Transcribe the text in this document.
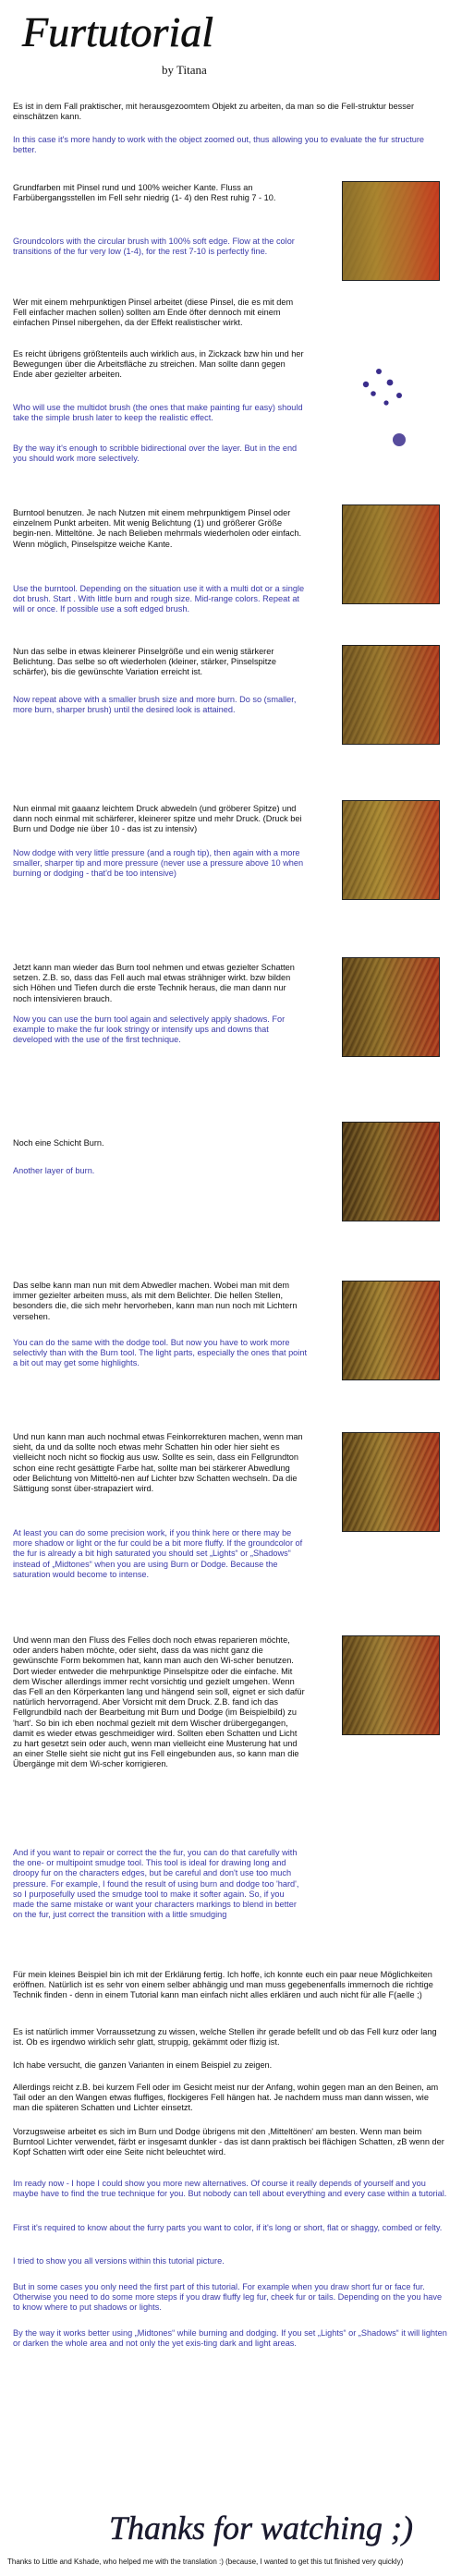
Furtutorial
by Titana

Es ist in dem Fall praktischer, mit herausgezoomtem Objekt zu arbeiten, da man so die Fell-struktur besser einschätzen kann.

In this case it's more handy to work with the object zoomed out, thus allowing you to evaluate the fur structure better.

Grundfarben mit Pinsel rund und 100% weicher Kante. Fluss an Farbübergangsstellen im Fell sehr niedrig (1- 4) den Rest ruhig 7 - 10.

Groundcolors with the circular brush with 100% soft edge. Flow at the color transitions of the fur very low (1-4), for the rest 7-10 is perfectly fine.

Wer mit einem mehrpunktigen Pinsel arbeitet (diese Pinsel, die es mit dem Fell einfacher machen sollen) sollten am Ende öfter dennoch mit einem einfachen Pinsel nibergehen, da der Effekt realistischer wirkt.

Es reicht übrigens größtenteils auch wirklich aus, in Zickzack bzw hin und her Bewegungen über die Arbeitsfläche zu streichen. Man sollte dann gegen Ende aber gezielter arbeiten.

Who will use the multidot brush (the ones that make painting fur easy) should take the simple brush later to keep the realistic effect.

By the way it's enough to scribble bidirectional over the layer. But in the end you should work more selectively.

Burntool benutzen. Je nach Nutzen mit einem mehrpunktigem Pinsel oder einzelnem Punkt arbeiten. Mit wenig Belichtung (1) und größerer Größe begin-nen. Mitteltöne. Je nach Belieben mehrmals wiederholen oder einfach. Wenn möglich, Pinselspitze weiche Kante.

Use the burntool. Depending on the situation use it with a multi dot or a single dot brush. Start . With little burn and rough size. Mid-range colors. Repeat at will or once. If possible use a soft edged brush.

Nun das selbe in etwas kleinerer Pinselgröße und ein wenig stärkerer Belichtung. Das selbe so oft wiederholen (kleiner, stärker, Pinselspitze schärfer), bis die gewünschte Variation erreicht ist.

Now repeat above with a smaller brush size and more burn. Do so (smaller, more burn, sharper brush) until the desired look is attained.

Nun einmal mit gaaanz leichtem Druck abwedeln (und gröberer Spitze) und dann noch einmal mit schärferer, kleinerer spitze und mehr Druck. (Druck bei Burn und Dodge nie über 10 - das ist zu intensiv)

Now dodge with very little pressure (and a rough tip), then again with a more smaller, sharper tip and more pressure (never use a pressure above 10 when burning or dodging - that'd be too intensive)

Jetzt kann man wieder das Burn tool nehmen und etwas gezielter Schatten setzen. Z.B. so, dass das Fell auch mal etwas strähniger wirkt. bzw bilden sich Höhen und Tiefen durch die erste Technik heraus, die man dann nur noch intensivieren brauch.

Now you can use the burn tool again and selectively apply shadows. For example to make the fur look stringy or intensify ups and downs that developed with the use of the first technique.

Noch eine Schicht Burn.

Another layer of burn.

Das selbe kann man nun mit dem Abwedler machen. Wobei man mit dem immer gezielter arbeiten muss, als mit dem Belichter. Die hellen Stellen, besonders die, die sich mehr hervorheben, kann man nun noch mit Lichtern versehen.

You can do the same with the dodge tool. But now you have to work more selectivly than with the Burn tool. The light parts, especially the ones that point a bit out may get some highlights.

Und nun kann man auch nochmal etwas Feinkorrekturen machen, wenn man sieht, da und da sollte noch etwas mehr Schatten hin oder hier sieht es vielleicht noch nicht so flockig aus usw. Sollte es sein, dass ein Fellgrundton schon eine recht gesättigte Farbe hat, sollte man bei stärkerer Abwedlung oder Belichtung von Mitteltö-nen auf Lichter bzw Schatten wechseln. Da die Sättigung sonst über-strapaziert wird.

At least you can do some precision work, if you think here or there may be more shadow or light or the fur could be a bit more fluffy. If the groundcolor of the fur is already a bit high saturated you should set „Lights“ or „Shadows“ instead of „Midtones“ when you are using Burn or Dodge. Because the saturation would become to intense.

Und wenn man den Fluss des Felles doch noch etwas reparieren möchte, oder anders haben möchte, oder sieht, dass da was nicht ganz die gewünschte Form bekommen hat, kann man auch den Wi-scher benutzen. Dort wieder entweder die mehrpunktige Pinselspitze oder die einfache. Mit dem Wischer allerdings immer recht vorsichtig und gezielt umgehen. Wenn das Fell an den Körperkanten lang und hängend sein soll, eignet er sich dafür natürlich hervorragend. Aber Vorsicht mit dem Druck. Z.B. fand ich das Fellgrundbild nach der Bearbeitung mit Burn und Dodge (im Beispielbild) zu 'hart'. So bin ich eben nochmal gezielt mit dem Wischer drübergegangen, damit es wieder etwas geschmeidiger wird. Sollten eben Schatten und Licht zu hart gesetzt sein oder auch, wenn man vielleicht eine Musterung hat und an einer Stelle sieht sie nicht gut ins Fell eingebunden aus, so kann man die Übergänge mit dem Wi-scher korrigieren.

And if you want to repair or correct the the fur, you can do that carefully with the one- or multipoint smudge tool. This tool is ideal for drawing long and droopy fur on the characters edges, but be careful and don't use too much pressure. For example, I found the result of using burn and dodge too 'hard', so I purposefully used the smudge tool to make it softer again. So, if you made the same mistake or want your characters markings to blend in better on the fur, just correct the transition with a little smudging

Für mein kleines Beispiel bin ich mit der Erklärung fertig. Ich hoffe, ich konnte euch ein paar neue Möglichkeiten eröffnen. Natürlich ist es sehr von einem selber abhängig und man muss gegebenenfalls immernoch die richtige Technik finden - denn in einem Tutorial kann man einfach nicht alles erklären und auch nicht für alle F(aelle ;)

Es ist natürlich immer Vorraussetzung zu wissen, welche Stellen ihr gerade befellt und ob das Fell kurz oder lang ist. Ob es irgendwo wirklich sehr glatt, struppig, gekämmt oder flizig ist.

Ich habe versucht, die ganzen Varianten in einem Beispiel zu zeigen.

Allerdings reicht z.B. bei kurzem Fell oder im Gesicht meist nur der Anfang, wohin gegen man an den Beinen, am Tail oder an den Wangen etwas fluffiges, flockigeres Fell hängen hat. Je nachdem muss man dann wissen, wie man die späteren Schatten und Lichter einsetzt.

Vorzugsweise arbeitet es sich im Burn und Dodge übrigens mit den ,Mitteltönen' am besten. Wenn man beim Burntool Lichter verwendet, färbt er insgesamt dunkler - das ist dann praktisch bei flächigen Schatten, zB wenn der Kopf Schatten wirft oder eine Seite nicht beleuchtet wird.

Im ready now - I hope I could show you more new alternatives. Of course it really depends of yourself and you maybe have to find the true technique for you. But nobody can tell about everything and every case within a tutorial.

First it's required to know about the furry parts you want to color, if it's long or short, flat or shaggy, combed or felty.

I tried to show you all versions within this tutorial picture.

But in some cases you only need the first part of this tutorial. For example when you draw short fur or face fur. Otherwise you need to do some more steps if you draw fluffy leg fur, cheek fur or tails. Depending on the you have to know where to put shadows or lights.

By the way it works better using „Midtones“ while burning and dodging. If you set „Lights“ or „Shadows“ it will lighten or darken the whole area and not only the yet exis-ting dark and light areas.

Thanks for watching ;)
Thanks to Little and Kshade, who helped me with the translation :) (because, I wanted to get this tut finished very quickly)
